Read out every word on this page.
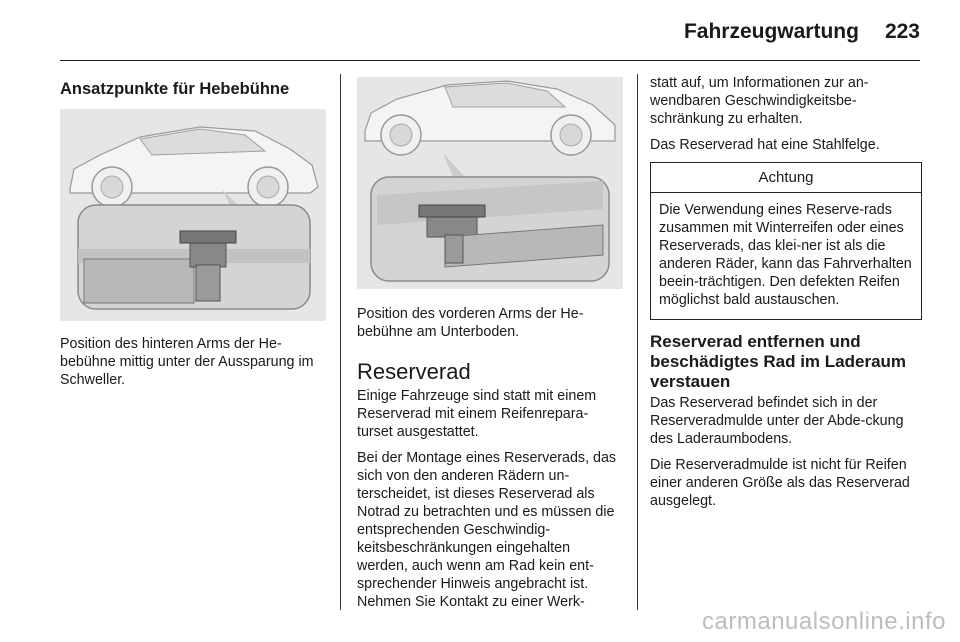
Fahrzeugwartung 223
Ansatzpunkte für Hebebühne

Position des hinteren Arms der He-bebühne mittig unter der Aussparung im Schweller.

Position des vorderen Arms der He-bebühne am Unterboden.

Reserverad

Einige Fahrzeuge sind statt mit einem Reserverad mit einem Reifenrepara-turset ausgestattet.

Bei der Montage eines Reserverads, das sich von den anderen Rädern un-terscheidet, ist dieses Reserverad als Notrad zu betrachten und es müssen die entsprechenden Geschwindig-keitsbeschränkungen eingehalten werden, auch wenn am Rad kein ent-sprechender Hinweis angebracht ist. Nehmen Sie Kontakt zu einer Werk-

statt auf, um Informationen zur an-wendbaren Geschwindigkeitsbe-schränkung zu erhalten.

Das Reserverad hat eine Stahlfelge.

Achtung

Die Verwendung eines Reserve-rads zusammen mit Winterreifen oder eines Reserverads, das klei-ner ist als die anderen Räder, kann das Fahrverhalten beein-trächtigen. Den defekten Reifen möglichst bald austauschen.

Reserverad entfernen und beschädigtes Rad im Laderaum verstauen

Das Reserverad befindet sich in der Reserveradmulde unter der Abde-ckung des Laderaumbodens.

Die Reserveradmulde ist nicht für Reifen einer anderen Größe als das Reserverad ausgelegt.

carmanualsonline.info
